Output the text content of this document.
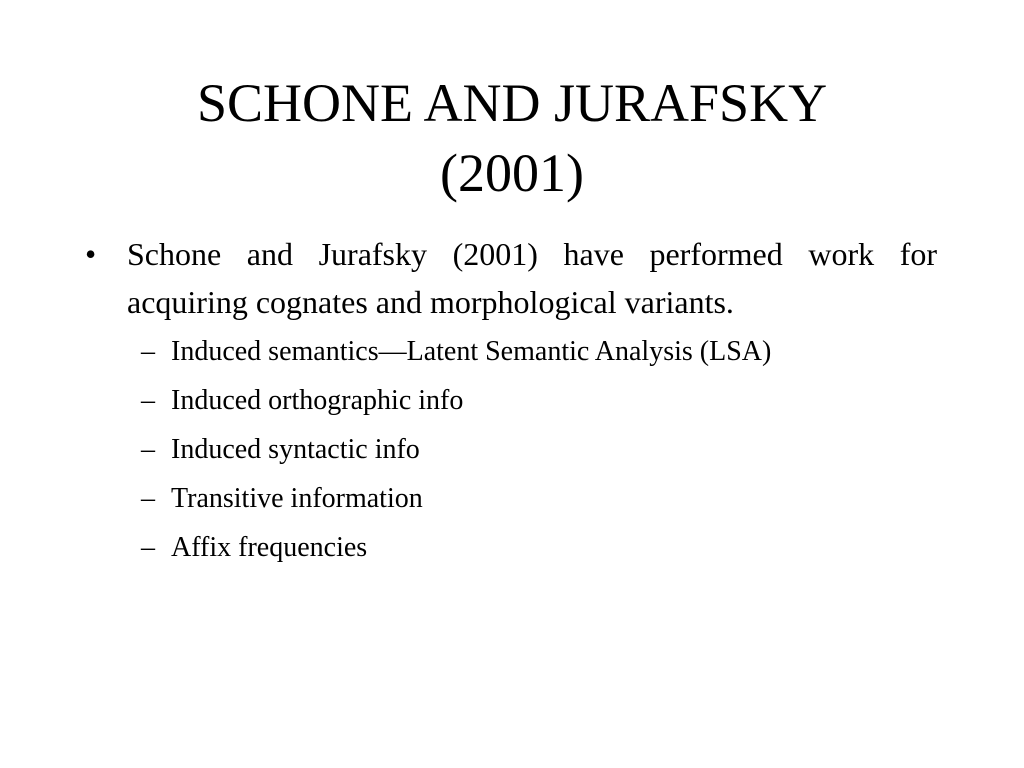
SCHONE AND JURAFSKY
(2001)

• Schone and Jurafsky (2001) have performed work for acquiring cognates and morphological variants.

– Induced semantics—Latent Semantic Analysis (LSA)
– Induced orthographic info
– Induced syntactic info
– Transitive information
– Affix frequencies
